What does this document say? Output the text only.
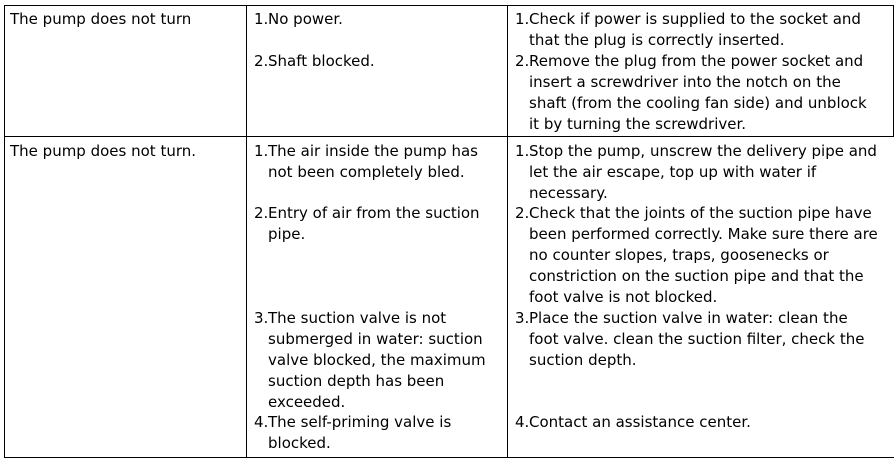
The pump does not turn	1. No power.
2. Shaft blocked.
1. Check if power is supplied to the socket and
that the plug is correctly inserted.
2. Remove the plug from the power socket and
insert a screwdriver into the notch on the
shaft (from the cooling fan side) and unblock
it by turning the screwdriver.
The pump does not turn.	1. The air inside the pump has
not been completely bled.
2. Entry of air from the suction
pipe.
3. The suction valve is not
submerged in water: suction
valve blocked, the maximum
suction depth has been
exceeded.
4. The self-priming valve is
blocked.
1. Stop the pump, unscrew the delivery pipe and
let the air escape, top up with water if
necessary.
2. Check that the joints of the suction pipe have
been performed correctly. Make sure there are
no counter slopes, traps, goosenecks or
constriction on the suction pipe and that the
foot valve is not blocked.
3. Place the suction valve in water: clean the
foot valve. clean the suction filter, check the
suction depth.
4. Contact an assistance center.
